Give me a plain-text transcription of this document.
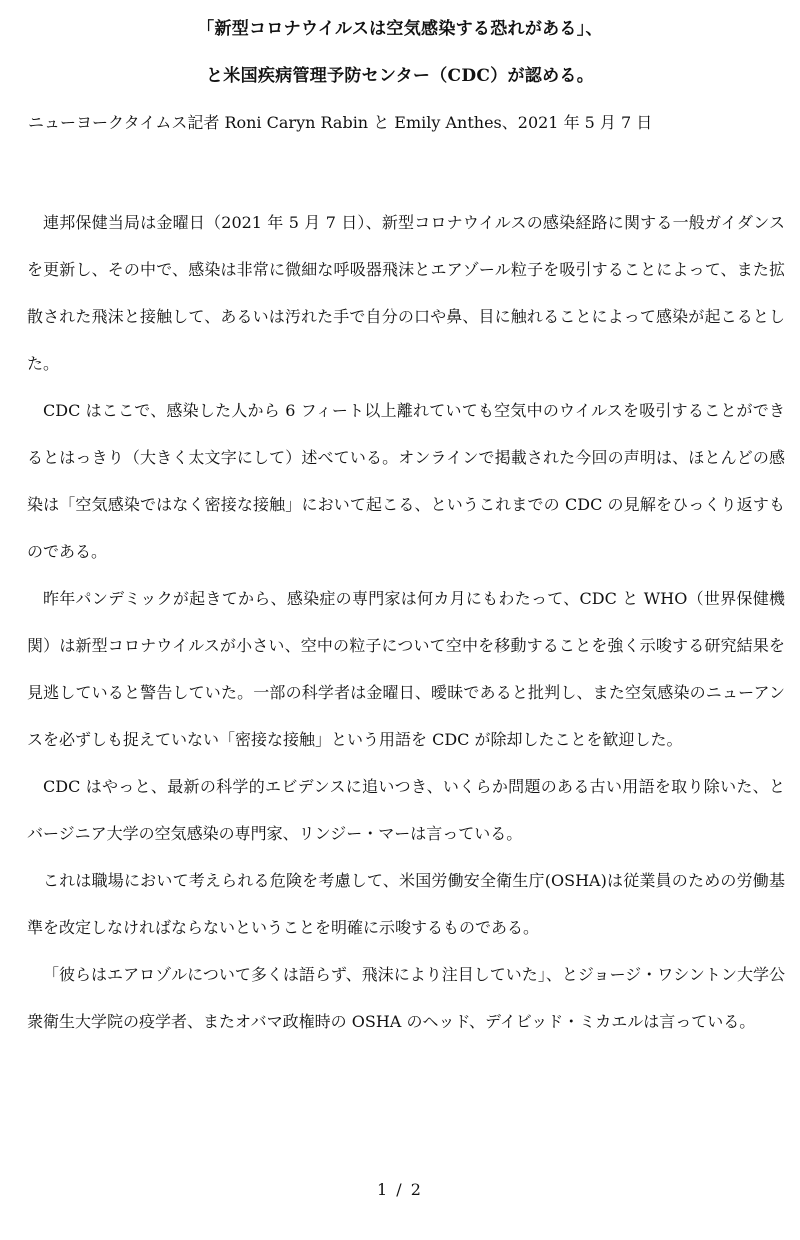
「新型コロナウイルスは空気感染する恐れがある」、
と米国疾病管理予防センター（CDC）が認める。
ニューヨークタイムス記者 Roni Caryn Rabin と Emily Anthes、2021 年 5 月 7 日

連邦保健当局は金曜日（2021 年 5 月 7 日）、新型コロナウイルスの感染経路に関する一般ガイダンスを更新し、その中で、感染は非常に微細な呼吸器飛沫とエアゾール粒子を吸引することによって、また拡散された飛沫と接触して、あるいは汚れた手で自分の口や鼻、目に触れることによって感染が起こるとした。

CDC はここで、感染した人から 6 フィート以上離れていても空気中のウイルスを吸引することができるとはっきり（大きく太文字にして）述べている。オンラインで掲載された今回の声明は、ほとんどの感染は「空気感染ではなく密接な接触」において起こる、というこれまでの CDC の見解をひっくり返すものである。

昨年パンデミックが起きてから、感染症の専門家は何カ月にもわたって、CDC と WHO（世界保健機関）は新型コロナウイルスが小さい、空中の粒子について空中を移動することを強く示唆する研究結果を見逃していると警告していた。一部の科学者は金曜日、曖昧であると批判し、また空気感染のニューアンスを必ずしも捉えていない「密接な接触」という用語を CDC が除却したことを歓迎した。

CDC はやっと、最新の科学的エビデンスに追いつき、いくらか問題のある古い用語を取り除いた、とバージニア大学の空気感染の専門家、リンジー・マーは言っている。

これは職場において考えられる危険を考慮して、米国労働安全衛生庁(OSHA)は従業員のための労働基準を改定しなければならないということを明確に示唆するものである。

「彼らはエアロゾルについて多くは語らず、飛沫により注目していた」、とジョージ・ワシントン大学公衆衛生大学院の疫学者、またオバマ政権時の OSHA のヘッド、デイビッド・ミカエルは言っている。

1 / 2
